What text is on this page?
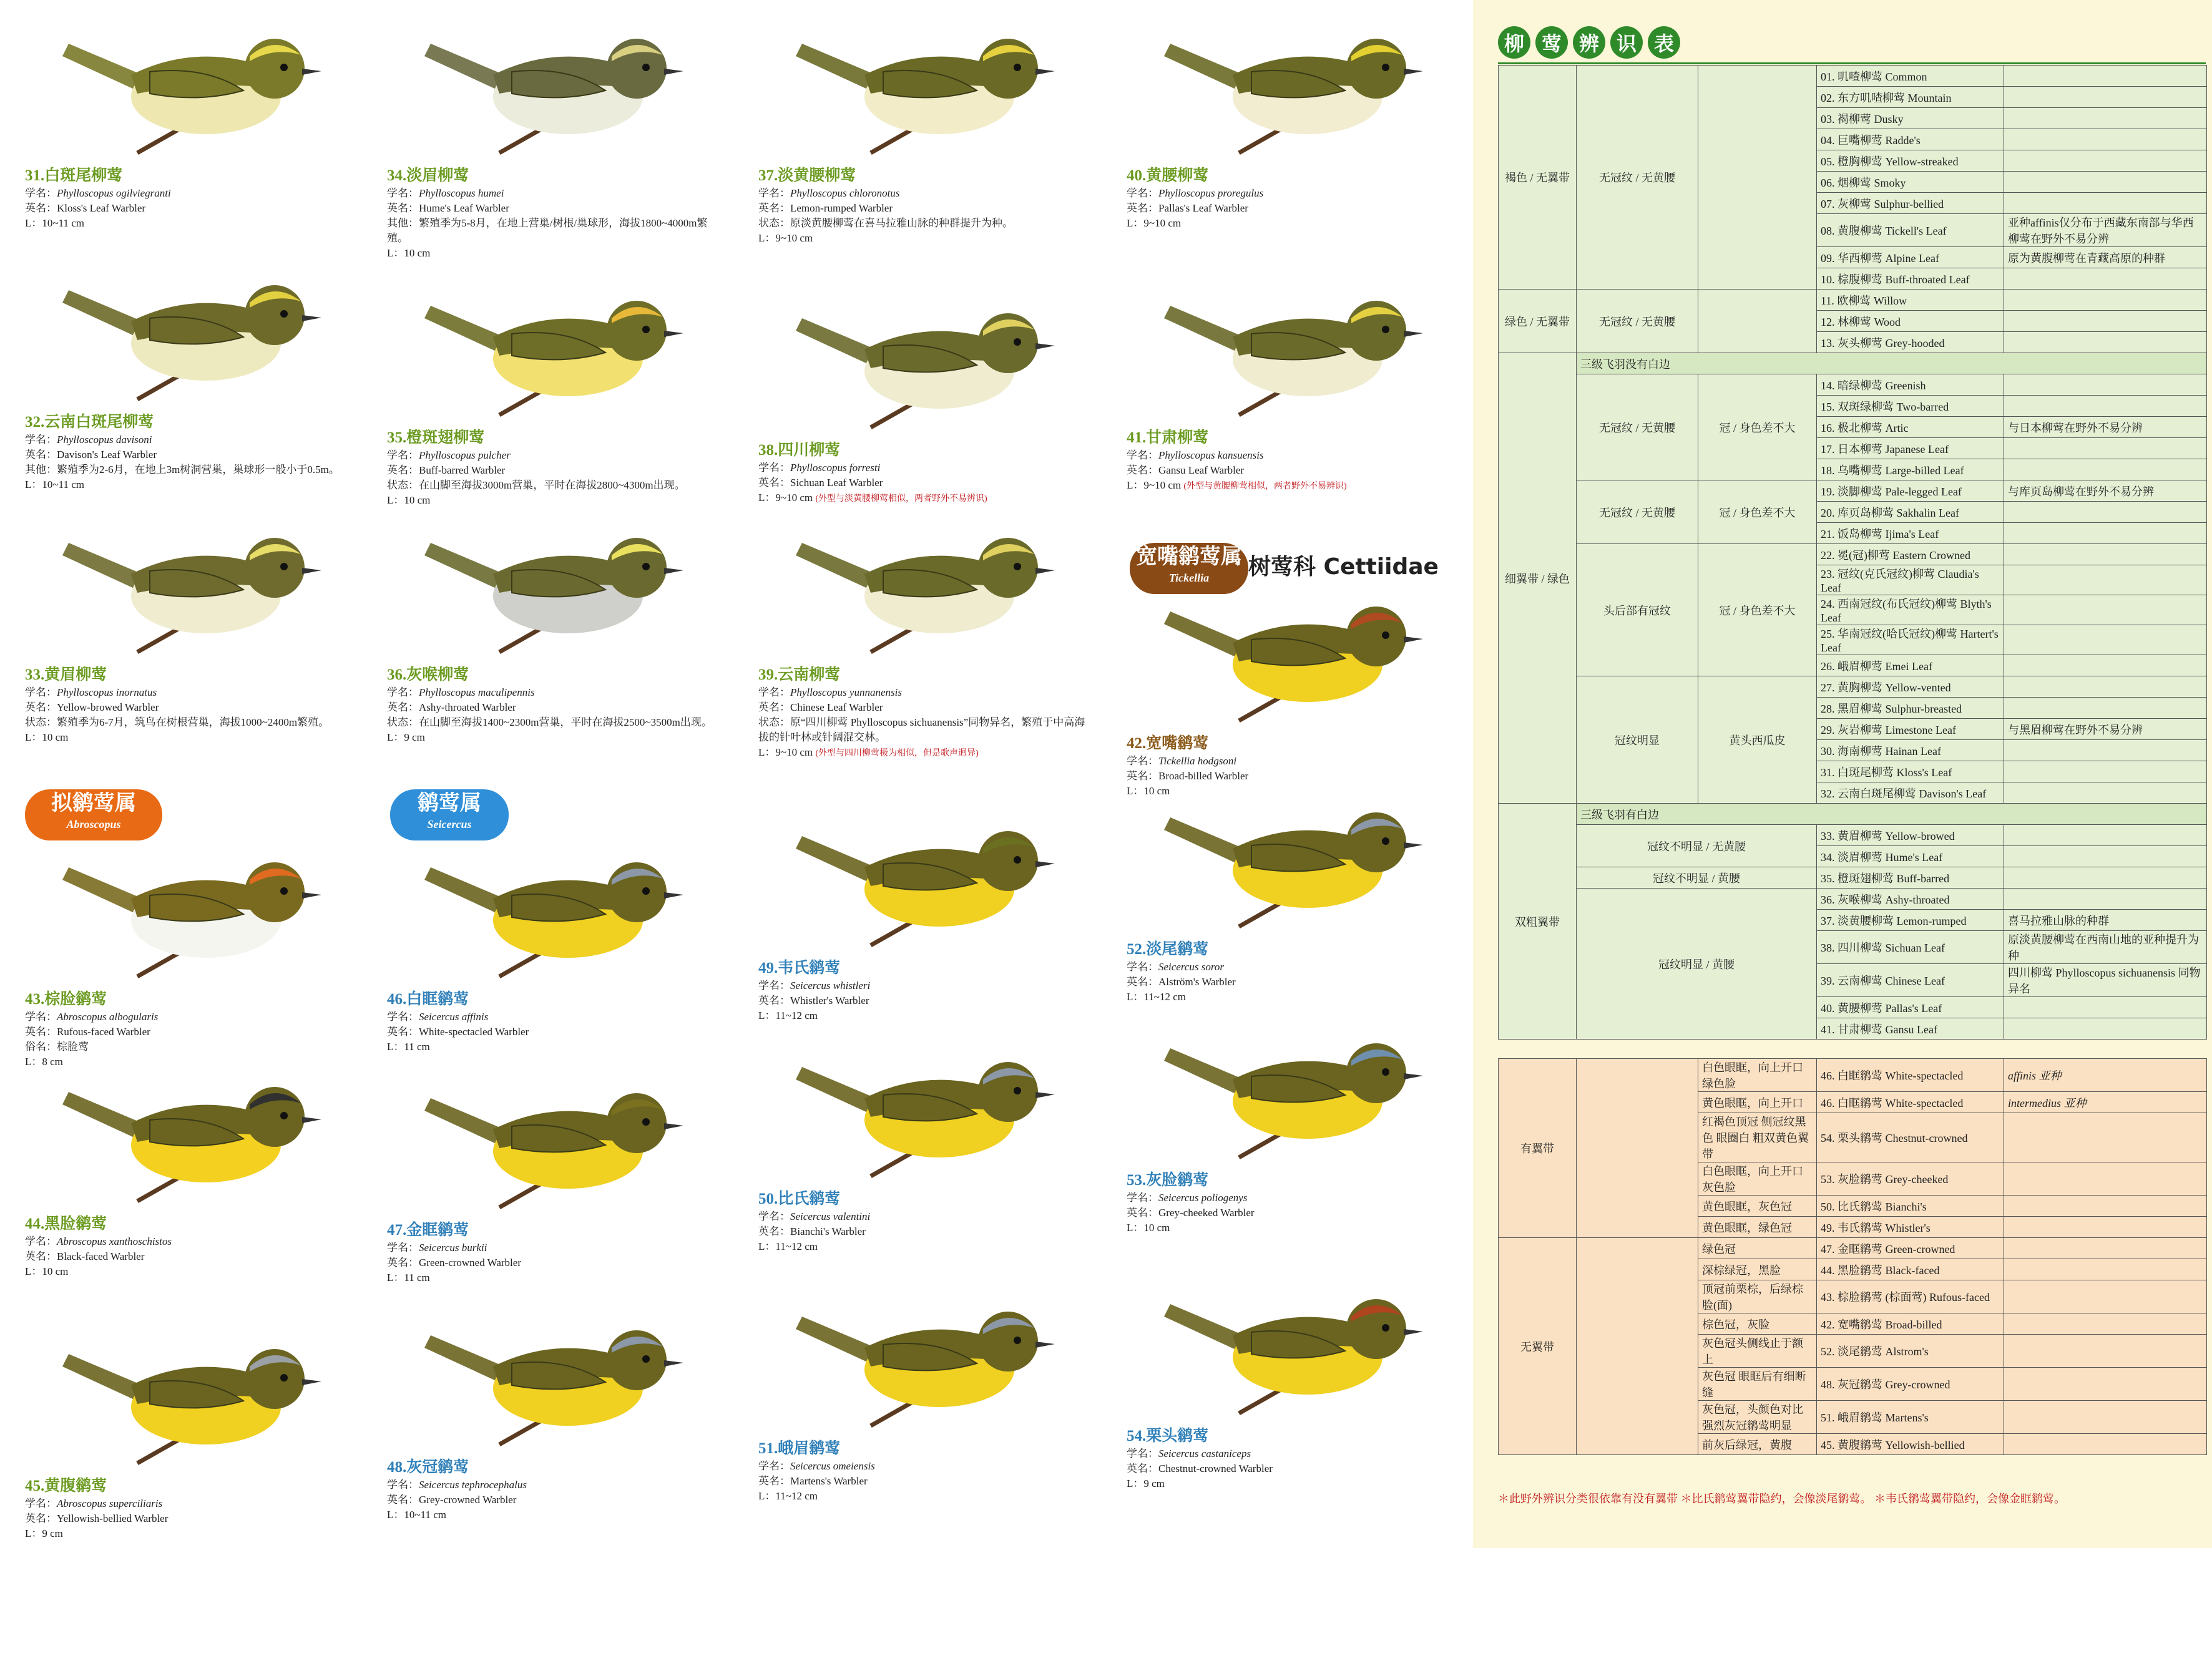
31.白斑尾柳莺
学名：Phylloscopus ogilviegranti
英名：Kloss's Leaf Warbler
L：10~11 cm
32.云南白斑尾柳莺
学名：Phylloscopus davisoni
英名：Davison's Leaf Warbler
其他：繁殖季为2-6月，在地上3m树洞营巢，巢球形一般小于0.5m。
L：10~11 cm
33.黄眉柳莺
学名：Phylloscopus inornatus
英名：Yellow-browed Warbler
状态：繁殖季为6-7月，筑鸟在树根营巢，海拔1000~2400m繁殖。
L：10 cm
34.淡眉柳莺
学名：Phylloscopus humei
英名：Hume's Leaf Warbler
其他：繁殖季为5-8月，在地上营巢/树根/巢球形，海拔1800~4000m繁殖。
L：10 cm
35.橙斑翅柳莺
学名：Phylloscopus pulcher
英名：Buff-barred Warbler
状态：在山脚至海拔3000m营巢，平时在海拔2800~4300m出现。
L：10 cm
36.灰喉柳莺
学名：Phylloscopus maculipennis
英名：Ashy-throated Warbler
状态：在山脚至海拔1400~2300m营巢，平时在海拔2500~3500m出现。
L：9 cm
37.淡黄腰柳莺
学名：Phylloscopus chloronotus
英名：Lemon-rumped Warbler
状态：原淡黄腰柳莺在喜马拉雅山脉的种群提升为种。
L：9~10 cm
38.四川柳莺
学名：Phylloscopus forresti
英名：Sichuan Leaf Warbler
L：9~10 cm (外型与淡黄腰柳莺相似，两者野外不易辨识)
39.云南柳莺
学名：Phylloscopus yunnanensis
英名：Chinese Leaf Warbler
状态：原“四川柳莺 Phylloscopus sichuanensis”同物异名，繁殖于中高海拔的针叶林或针阔混交林。
L：9~10 cm (外型与四川柳莺极为相似，但是歌声迥异)
40.黄腰柳莺
学名：Phylloscopus proregulus
英名：Pallas's Leaf Warbler
L：9~10 cm
41.甘肃柳莺
学名：Phylloscopus kansuensis
英名：Gansu Leaf Warbler
L：9~10 cm (外型与黄腰柳莺相似，两者野外不易辨识)
42.宽嘴鹟莺
学名：Tickellia hodgsoni
英名：Broad-billed Warbler
L：10 cm
43.棕脸鹟莺
学名：Abroscopus albogularis
英名：Rufous-faced Warbler
俗名：棕脸莺
L：8 cm
44.黑脸鹟莺
学名：Abroscopus xanthoschistos
英名：Black-faced Warbler
L：10 cm
45.黄腹鹟莺
学名：Abroscopus superciliaris
英名：Yellowish-bellied Warbler
L：9 cm
46.白眶鹟莺
学名：Seicercus affinis
英名：White-spectacled Warbler
L：11 cm
47.金眶鹟莺
学名：Seicercus burkii
英名：Green-crowned Warbler
L：11 cm
48.灰冠鹟莺
学名：Seicercus tephrocephalus
英名：Grey-crowned Warbler
L：10~11 cm
49.韦氏鹟莺
学名：Seicercus whistleri
英名：Whistler's Warbler
L：11~12 cm
50.比氏鹟莺
学名：Seicercus valentini
英名：Bianchi's Warbler
L：11~12 cm
51.峨眉鹟莺
学名：Seicercus omeiensis
英名：Martens's Warbler
L：11~12 cm
52.淡尾鹟莺
学名：Seicercus soror
英名：Alström's Warbler
L：11~12 cm
53.灰脸鹟莺
学名：Seicercus poliogenys
英名：Grey-cheeked Warbler
L：10 cm
54.栗头鹟莺
学名：Seicercus castaniceps
英名：Chestnut-crowned Warbler
L：9 cm
拟鹟莺属
Abroscopus
鹟莺属
Seicercus
宽嘴鹟莺属
Tickellia	树莺科 Cettiidae
柳 莺 辨 识 表
褐色 / 无翼带	无冠纹 / 无黄腰		01. 叽喳柳莺 Common	
			02. 东方叽喳柳莺 Mountain	
			03. 褐柳莺 Dusky	
			04. 巨嘴柳莺 Radde's	
			05. 橙胸柳莺 Yellow-streaked	
			06. 烟柳莺 Smoky	
			07. 灰柳莺 Sulphur-bellied	
			08. 黄腹柳莺 Tickell's Leaf	亚种affinis仅分布于西藏东南部与华西柳莺在野外不易分辨
			09. 华西柳莺 Alpine Leaf	原为黄腹柳莺在青藏高原的种群
			10. 棕腹柳莺 Buff-throated Leaf	
绿色 / 无翼带	无冠纹 / 无黄腰		11. 欧柳莺 Willow	
			12. 林柳莺 Wood	
			13. 灰头柳莺 Grey-hooded	
细翼带 / 绿色	三级飞羽没有白边			
	无冠纹 / 无黄腰	冠 / 身色差不大	14. 暗绿柳莺 Greenish	
			15. 双斑绿柳莺 Two-barred	
			16. 极北柳莺 Artic	与日本柳莺在野外不易分辨
			17. 日本柳莺 Japanese Leaf	
			18. 乌嘴柳莺 Large-billed Leaf	
	无冠纹 / 无黄腰	冠 / 身色差不大	19. 淡脚柳莺 Pale-legged Leaf	与库页岛柳莺在野外不易分辨
			20. 库页岛柳莺 Sakhalin Leaf	
			21. 饭岛柳莺 Ijima's Leaf	
	头后部有冠纹	冠 / 身色差不大	22. 冕(冠)柳莺 Eastern Crowned	
			23. 冠纹(克氏冠纹)柳莺 Claudia's Leaf	
			24. 西南冠纹(布氏冠纹)柳莺 Blyth's Leaf	
			25. 华南冠纹(哈氏冠纹)柳莺 Hartert's Leaf	
			26. 峨眉柳莺 Emei Leaf	
	冠纹明显	黄头西瓜皮	27. 黄胸柳莺 Yellow-vented	
			28. 黑眉柳莺 Sulphur-breasted	
			29. 灰岩柳莺 Limestone Leaf	与黑眉柳莺在野外不易分辨
			30. 海南柳莺 Hainan Leaf	
			31. 白斑尾柳莺 Kloss's Leaf	
			32. 云南白斑尾柳莺 Davison's Leaf	
双粗翼带	三级飞羽有白边			
	冠纹不明显 / 无黄腰		33. 黄眉柳莺 Yellow-browed	
			34. 淡眉柳莺 Hume's Leaf	
	冠纹不明显 / 黄腰		35. 橙斑翅柳莺 Buff-barred	
	冠纹明显 / 黄腰		36. 灰喉柳莺 Ashy-throated	
			37. 淡黄腰柳莺 Lemon-rumped	喜马拉雅山脉的种群
			38. 四川柳莺 Sichuan Leaf	原淡黄腰柳莺在西南山地的亚种提升为种
			39. 云南柳莺 Chinese Leaf	四川柳莺 Phylloscopus sichuanensis 同物异名
			40. 黄腰柳莺 Pallas's Leaf	
			41. 甘肃柳莺 Gansu Leaf	

有翼带		白色眼眶，向上开口绿色脸	46. 白眶鹟莺 White-spectacled	affinis 亚种
		黄色眼眶，向上开口	46. 白眶鹟莺 White-spectacled	intermedius 亚种
		红褐色顶冠 侧冠纹黑色 眼圈白 粗双黄色翼带	54. 栗头鹟莺 Chestnut-crowned	
		白色眼眶，向上开口灰色脸	53. 灰脸鹟莺 Grey-cheeked	
		黄色眼眶，灰色冠	50. 比氏鹟莺 Bianchi's	
		黄色眼眶，绿色冠	49. 韦氏鹟莺 Whistler's	
无翼带		绿色冠	47. 金眶鹟莺 Green-crowned	
		深棕绿冠，黑脸	44. 黑脸鹟莺 Black-faced	
		顶冠前栗棕，后绿棕脸(面)	43. 棕脸鹟莺 (棕面莺) Rufous-faced	
		棕色冠，灰脸	42. 宽嘴鹟莺 Broad-billed	
		灰色冠头侧线止于额上	52. 淡尾鹟莺 Alstrom's	
		灰色冠 眼眶后有细断缝	48. 灰冠鹟莺 Grey-crowned	
		灰色冠，头颜色对比强烈灰冠鹟莺明显	51. 峨眉鹟莺 Martens's	
		前灰后绿冠，黄腹	45. 黄腹鹟莺 Yellowish-bellied	
＊此野外辨识分类很依靠有没有翼带 ＊比氏鹟莺翼带隐约，会像淡尾鹟莺。 ＊韦氏鹟莺翼带隐约，会像金眶鹟莺。
